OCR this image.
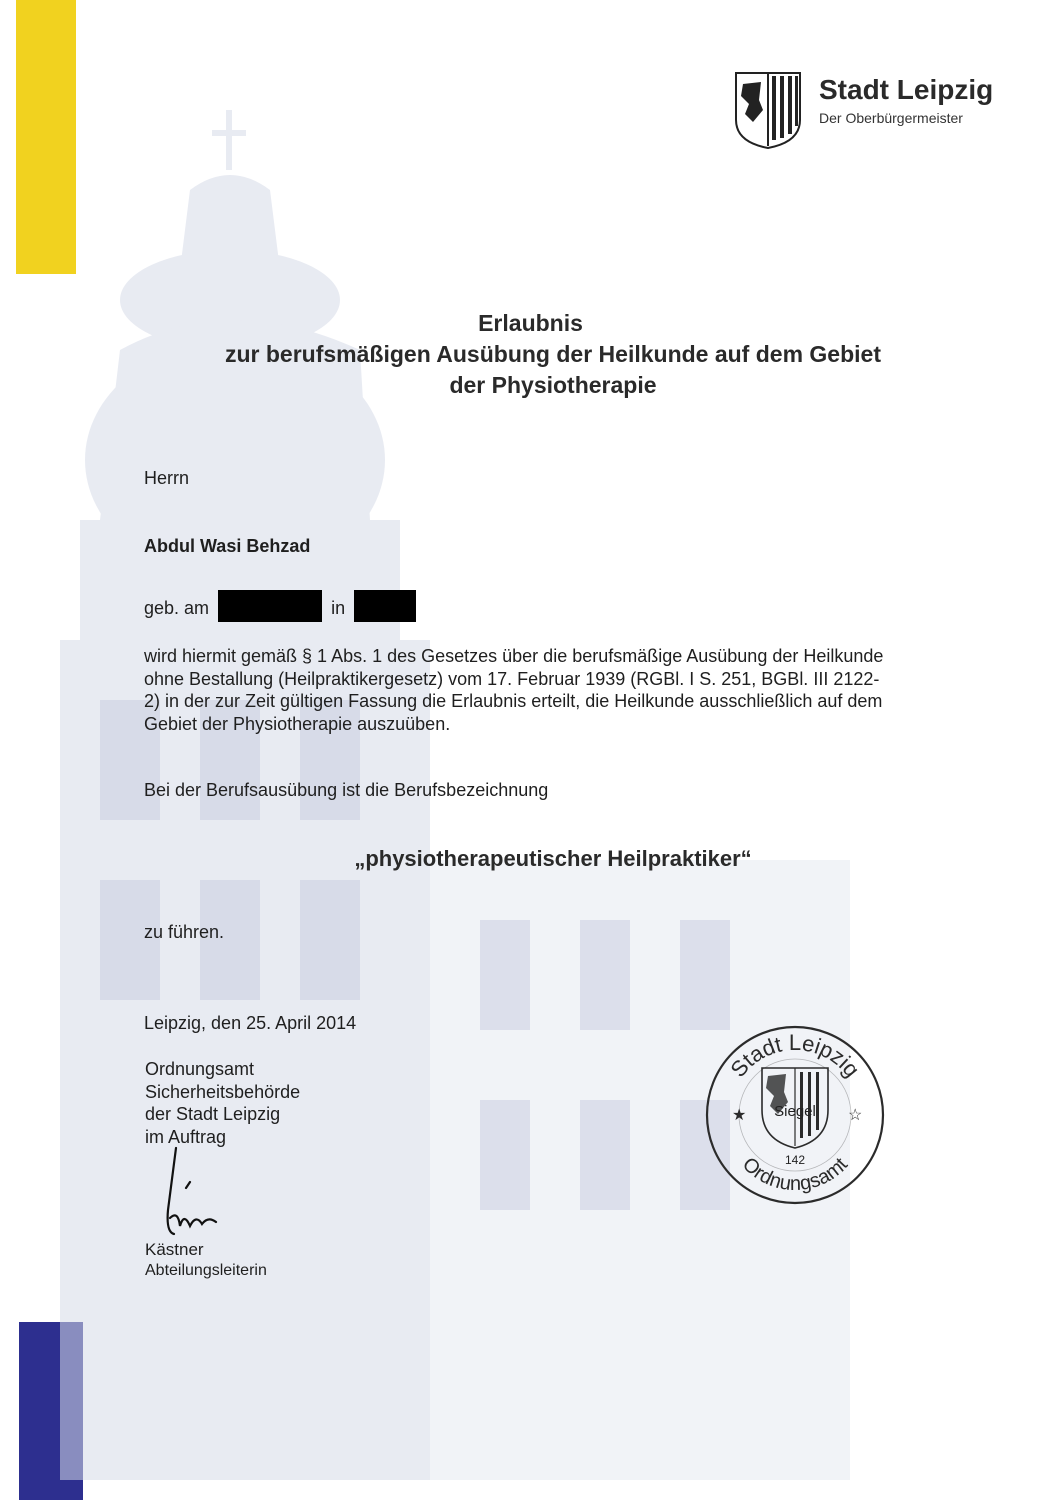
Stadt Leipzig
Der Oberbürgermeister
Erlaubnis
zur berufsmäßigen Ausübung der Heilkunde auf dem Gebiet
der Physiotherapie
Herrn
Abdul Wasi Behzad
geb. am	in
wird hiermit gemäß § 1 Abs. 1 des Gesetzes über die berufsmäßige Ausübung der Heilkunde
ohne Bestallung (Heilpraktikergesetz) vom 17. Februar 1939 (RGBl. I S. 251, BGBl. III 2122-
2) in der zur Zeit gültigen Fassung die Erlaubnis erteilt, die Heilkunde ausschließlich auf dem
Gebiet der Physiotherapie auszuüben.
Bei der Berufsausübung ist die Berufsbezeichnung
„physiotherapeutischer Heilpraktiker“
zu führen.
Leipzig, den 25. April 2014
Ordnungsamt
Sicherheitsbehörde
der Stadt Leipzig
im Auftrag
Kästner
Abteilungsleiterin
Stadt Leipzig
Ordnungsamt
★	☆
Siegel
142
